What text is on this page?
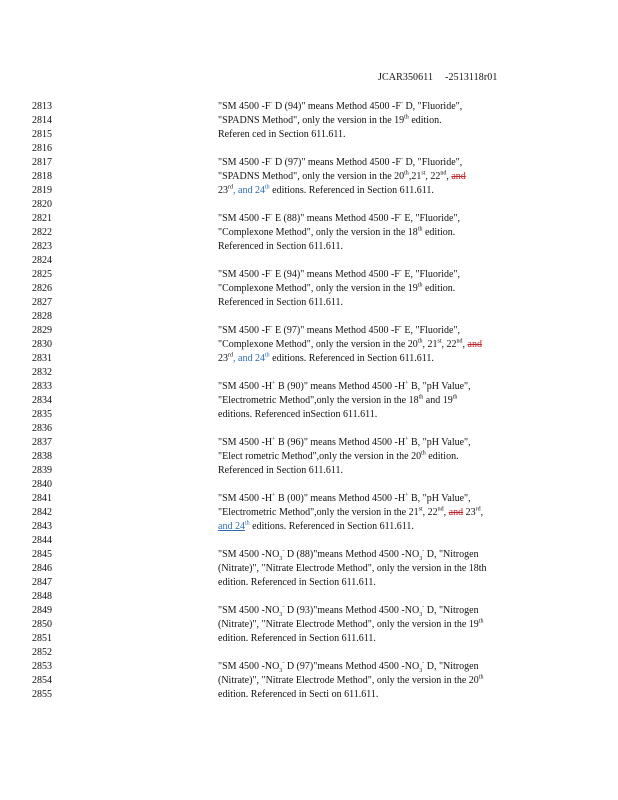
JCAR350611 -2513118r01
2813	"SM 4500 -F- D (94)" means Method 4500 -F- D, "Fluoride",
2814	"SPADNS Method", only the version in the 19th edition.
2815	Referen ced in Section 611.611.
2816
2817	"SM 4500 -F- D (97)" means Method 4500 -F- D, "Fluoride",
2818	"SPADNS Method", only the version in the 20th,21st, 22nd, and
2819	23rd, and 24th editions. Referenced in Section 611.611.
2820
2821	"SM 4500 -F- E (88)" means Method 4500 -F- E, "Fluoride",
2822	"Complexone Method", only the version in the 18th edition.
2823	Referenced in Section 611.611.
2824
2825	"SM 4500 -F- E (94)" means Method 4500 -F- E, "Fluoride",
2826	"Complexone Method", only the version in the 19th edition.
2827	Referenced in Section 611.611.
2828
2829	"SM 4500 -F- E (97)" means Method 4500 -F- E, "Fluoride",
2830	"Complexone Method", only the version in the 20th, 21st, 22nd, and
2831	23rd, and 24th editions. Referenced in Section 611.611.
2832
2833	"SM 4500 -H+ B (90)" means Method 4500 -H+ B, "pH Value",
2834	"Electrometric Method",only the version in the 18th and 19th
2835	editions. Referenced inSection 611.611.
2836
2837	"SM 4500 -H+ B (96)" means Method 4500 -H+ B, "pH Value",
2838	"Elect rometric Method",only the version in the 20th edition.
2839	Referenced in Section 611.611.
2840
2841	"SM 4500 -H+ B (00)" means Method 4500 -H+ B, "pH Value",
2842	"Electrometric Method",only the version in the 21st, 22nd, and 23rd,
2843	and 24th editions. Referenced in Section 611.611.
2844
2845	"SM 4500 $-NO_3^-$ D (88)"means Method 4500 $-NO_3^-$ D, "Nitrogen
2846	(Nitrate)", "Nitrate Electrode Method", only the version in the 18th
2847	edition. Referenced in Section 611.611.
2848
2849	"SM 4500 $-NO_3^-$ D (93)"means Method 4500 $-NO_3^-$ D, "Nitrogen
2850	(Nitrate)", "Nitrate Electrode Method", only the version in the 19th
2851	edition. Referenced in Section 611.611.
2852
2853	"SM 4500 $-NO_3^-$ D (97)"means Method 4500 $-NO_3^-$ D, "Nitrogen
2854	(Nitrate)", "Nitrate Electrode Method", only the version in the 20th
2855	edition. Referenced in Secti on 611.611.
